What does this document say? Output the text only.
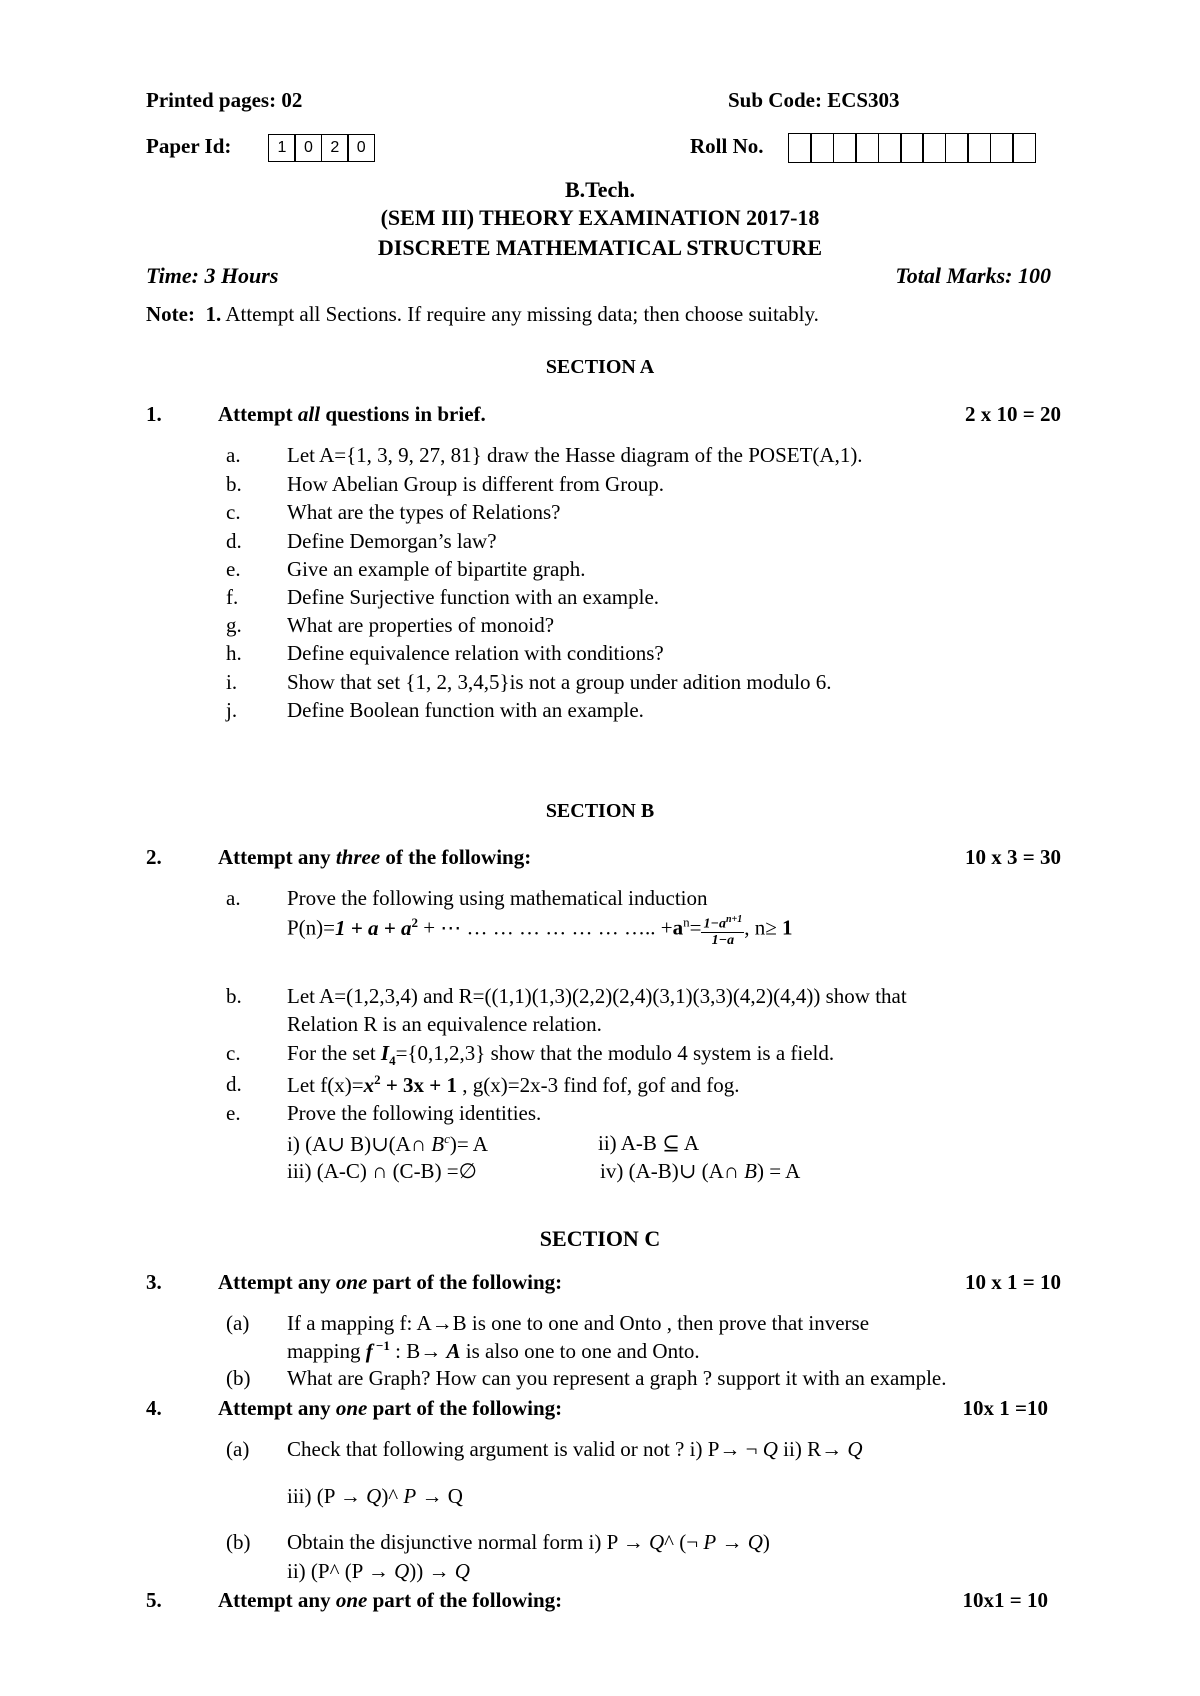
Printed pages: 02	Sub Code: ECS303
Paper Id:	1	0	2	0	Roll No.
B.Tech.
(SEM III) THEORY EXAMINATION 2017-18
DISCRETE MATHEMATICAL STRUCTURE
Time: 3 Hours	Total Marks: 100
Note: 1. Attempt all Sections. If require any missing data; then choose suitably.
SECTION A
1.	Attempt all questions in brief.	2 x 10 = 20
a. Let A={1, 3, 9, 27, 81} draw the Hasse diagram of the POSET(A,1).
b. How Abelian Group is different from Group.
c. What are the types of Relations?
d. Define Demorgan’s law?
e. Give an example of bipartite graph.
f. Define Surjective function with an example.
g. What are properties of monoid?
h. Define equivalence relation with conditions?
i. Show that set {1, 2, 3,4,5}is not a group under adition modulo 6.
j. Define Boolean function with an example.
SECTION B
2.	Attempt any three of the following:	10 x 3 = 30
a. Prove the following using mathematical induction
$P(n)=1 + a + a^2$ + ⋯ … … … … … … ….. $+a^n= \frac{1-a^{n+1}}{1-a}$ , n≥ 1
b. Let A=(1,2,3,4) and R=((1,1)(1,3)(2,2)(2,4)(3,1)(3,3)(4,2)(4,4)) show that
Relation R is an equivalence relation.
c. For the set $I_4=\{0,1,2,3\}$ show that the modulo 4 system is a field.
d. Let $f(x)=x^2 + 3x + 1$ , g(x)=2x-3 find fof, gof and fog.
e. Prove the following identities.
i) (A∪ B)∪(A∩ $B^c)= A$	ii) A-B ⊆ A
iii) (A-C) ∩ (C-B) =∅	iv) (A-B)∪ (A∩ B) = A
SECTION C
3.	Attempt any one part of the following:	10 x 1 = 10
(a) If a mapping f: A→B is one to one and Onto , then prove that inverse
mapping f $^{-1}$ : B→ A is also one to one and Onto.
(b) What are Graph? How can you represent a graph ? support it with an example.
4.	Attempt any one part of the following:	10x 1 =10
(a) Check that following argument is valid or not ? i) P→ ¬ Q ii) R→ Q
iii) (P → Q)^ P → Q
(b) Obtain the disjunctive normal form i) P → Q^ (¬ P → Q)
ii) (P^ (P → Q)) → Q
5.	Attempt any one part of the following:	10x1 = 10
